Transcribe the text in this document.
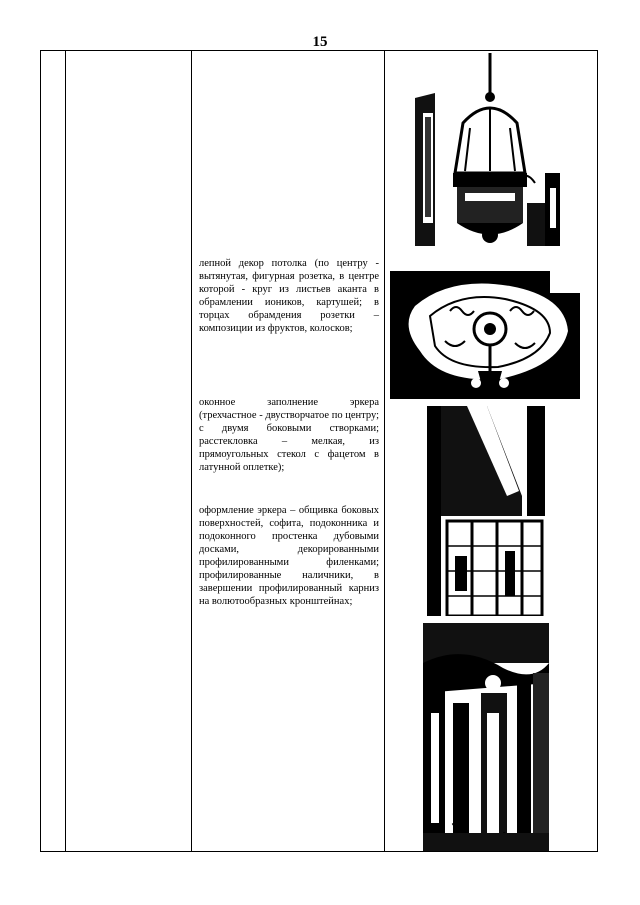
15
лепной декор потолка (по центру - вытянутая, фигурная розетка, в центре которой - круг из листьев аканта в обрамлении иоников, картушей; в торцах обрамдения розетки – композиции из фруктов, колосков;
оконное заполнение эркера (трехчастное - двустворчатое по центру; с двумя боковыми створками; расстекловка – мелкая, из прямоугольных стекол с фацетом в латунной оплетке);
оформление эркера – общивка боковых поверхностей, софита, подоконника и подоконного простенка дубовыми досками, декорированными профилированными филенками; профилированные наличники, в завершении профилированный карниз на волютообразных кронштейнах;
